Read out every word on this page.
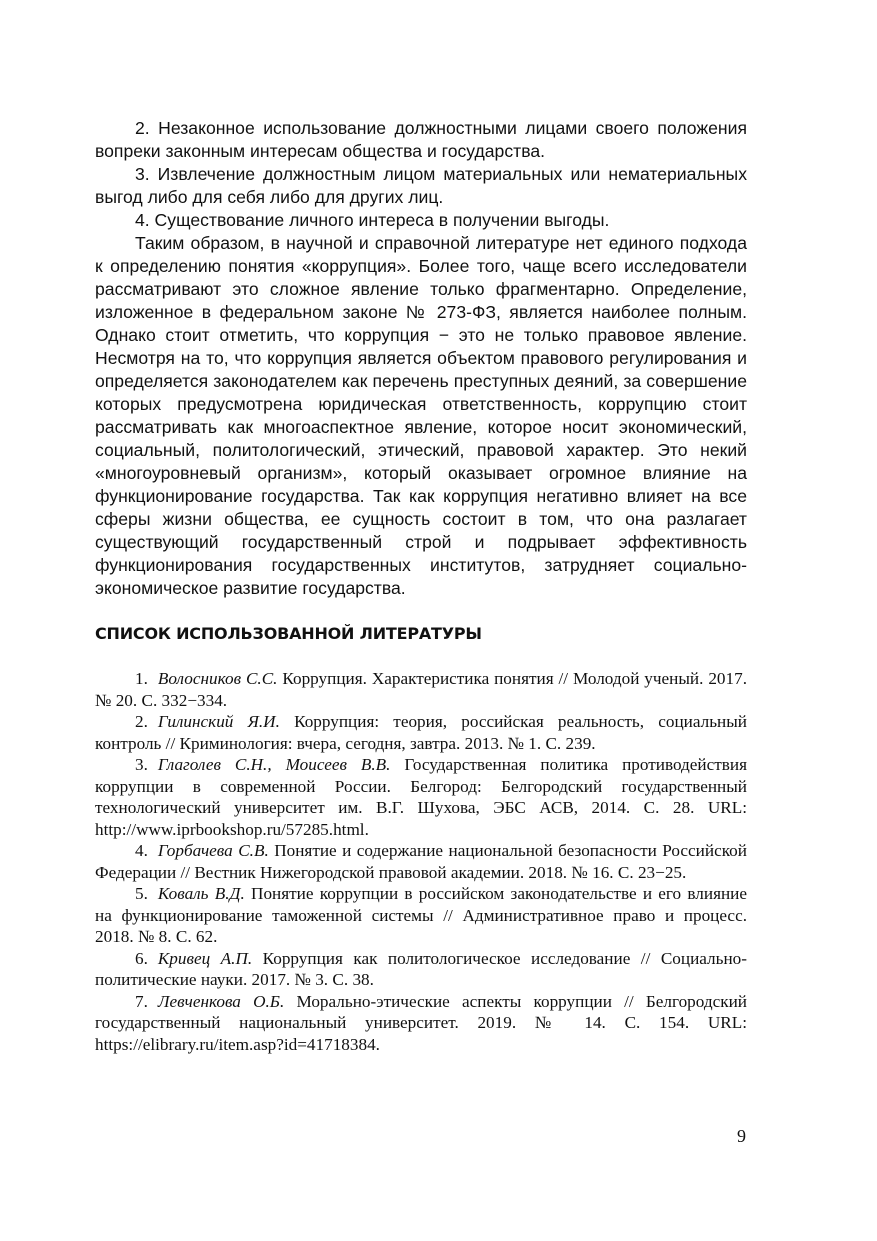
2. Незаконное использование должностными лицами своего положения вопреки законным интересам общества и государства.

3. Извлечение должностным лицом материальных или нематериальных выгод либо для себя либо для других лиц.

4. Существование личного интереса в получении выгоды.

Таким образом, в научной и справочной литературе нет единого подхода к определению понятия «коррупция». Более того, чаще всего исследователи рассматривают это сложное явление только фрагментарно. Определение, изложенное в федеральном законе № 273-ФЗ, является наиболее полным. Однако стоит отметить, что коррупция − это не только правовое явление. Несмотря на то, что коррупция является объектом правового регулирования и определяется законодателем как перечень преступных деяний, за совершение которых предусмотрена юридическая ответственность, коррупцию стоит рассматривать как многоаспектное явление, которое носит экономический, социальный, политологический, этический, правовой характер. Это некий «многоуровневый организм», который оказывает огромное влияние на функционирование государства. Так как коррупция негативно влияет на все сферы жизни общества, ее сущность состоит в том, что она разлагает существующий государственный строй и подрывает эффективность функционирования государственных институтов, затрудняет социально-экономическое развитие государства.

СПИСОК ИСПОЛЬЗОВАННОЙ ЛИТЕРАТУРЫ

1. Волосников С.С. Коррупция. Характеристика понятия // Молодой ученый. 2017. № 20. С. 332−334.

2. Гилинский Я.И. Коррупция: теория, российская реальность, социальный контроль // Криминология: вчера, сегодня, завтра. 2013. № 1. С. 239.

3. Глаголев С.Н., Моисеев В.В. Государственная политика противодействия коррупции в современной России. Белгород: Белгородский государственный технологический университет им. В.Г. Шухова, ЭБС АСВ, 2014. С. 28. URL: http://www.iprbookshop.ru/57285.html.

4. Горбачева С.В. Понятие и содержание национальной безопасности Российской Федерации // Вестник Нижегородской правовой академии. 2018. № 16. С. 23−25.

5. Коваль В.Д. Понятие коррупции в российском законодательстве и его влияние на функционирование таможенной системы // Административное право и процесс. 2018. № 8. С. 62.

6. Кривец А.П. Коррупция как политологическое исследование // Социально-политические науки. 2017. № 3. С. 38.

7. Левченкова О.Б. Морально-этические аспекты коррупции // Белгородский государственный национальный университет. 2019. № 14. С. 154. URL: https://elibrary.ru/item.asp?id=41718384.

9
